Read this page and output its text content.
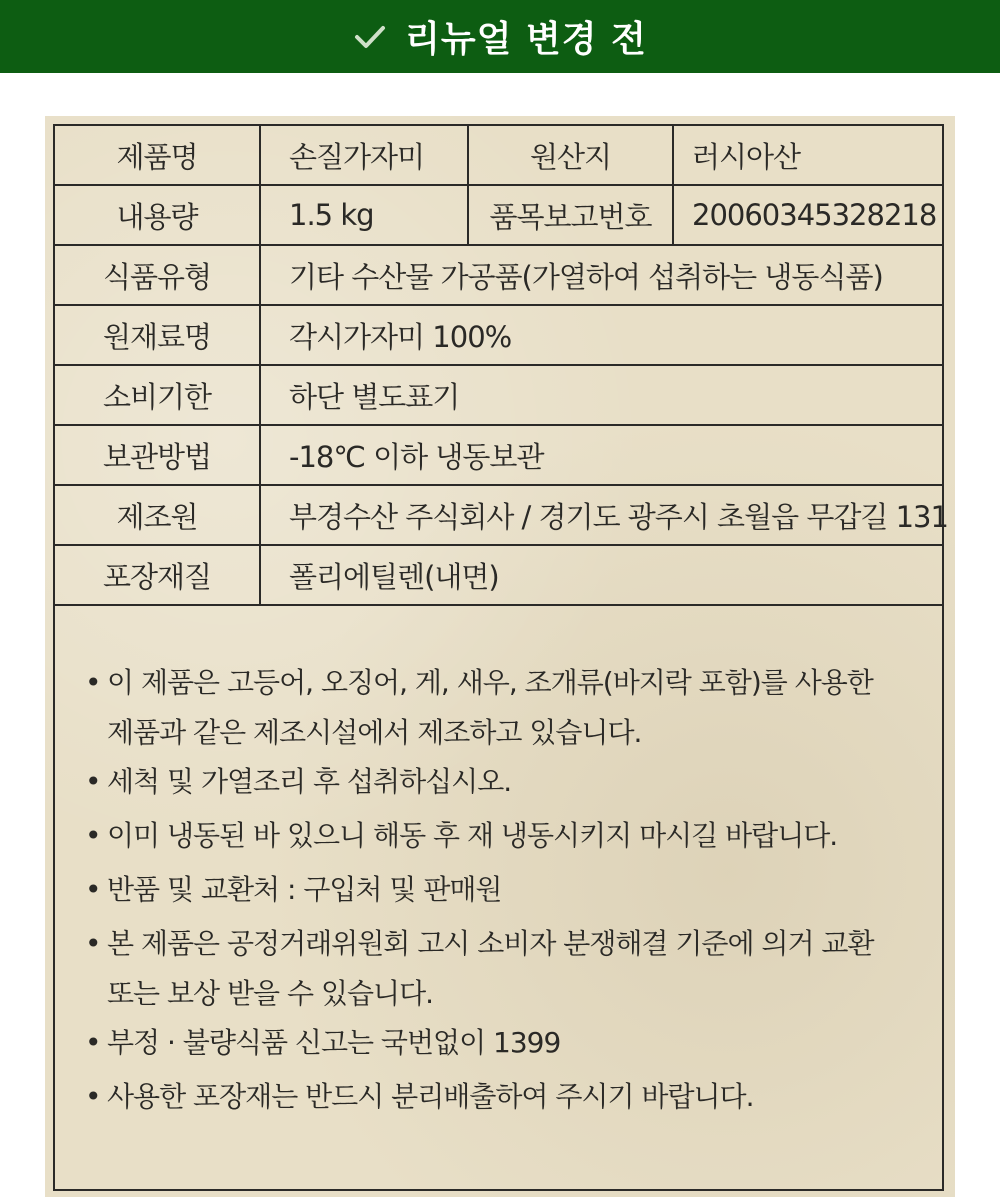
리뉴얼 변경 전
제품명	손질가자미	원산지	러시아산
내용량	1.5 kg	품목보고번호	20060345328218
식품유형	기타 수산물 가공품(가열하여 섭취하는 냉동식품)		
원재료명	각시가자미 100%		
소비기한	하단 별도표기		
보관방법	-18℃ 이하 냉동보관		
제조원	부경수산 주식회사 / 경기도 광주시 초월읍 무갑길 131		
포장재질	폴리에틸렌(내면)		
• 이 제품은 고등어, 오징어, 게, 새우, 조개류(바지락 포함)를 사용한
제품과 같은 제조시설에서 제조하고 있습니다.
• 세척 및 가열조리 후 섭취하십시오.
• 이미 냉동된 바 있으니 해동 후 재 냉동시키지 마시길 바랍니다.
• 반품 및 교환처 : 구입처 및 판매원
• 본 제품은 공정거래위원회 고시 소비자 분쟁해결 기준에 의거 교환
또는 보상 받을 수 있습니다.
• 부정 · 불량식품 신고는 국번없이 1399
• 사용한 포장재는 반드시 분리배출하여 주시기 바랍니다.
